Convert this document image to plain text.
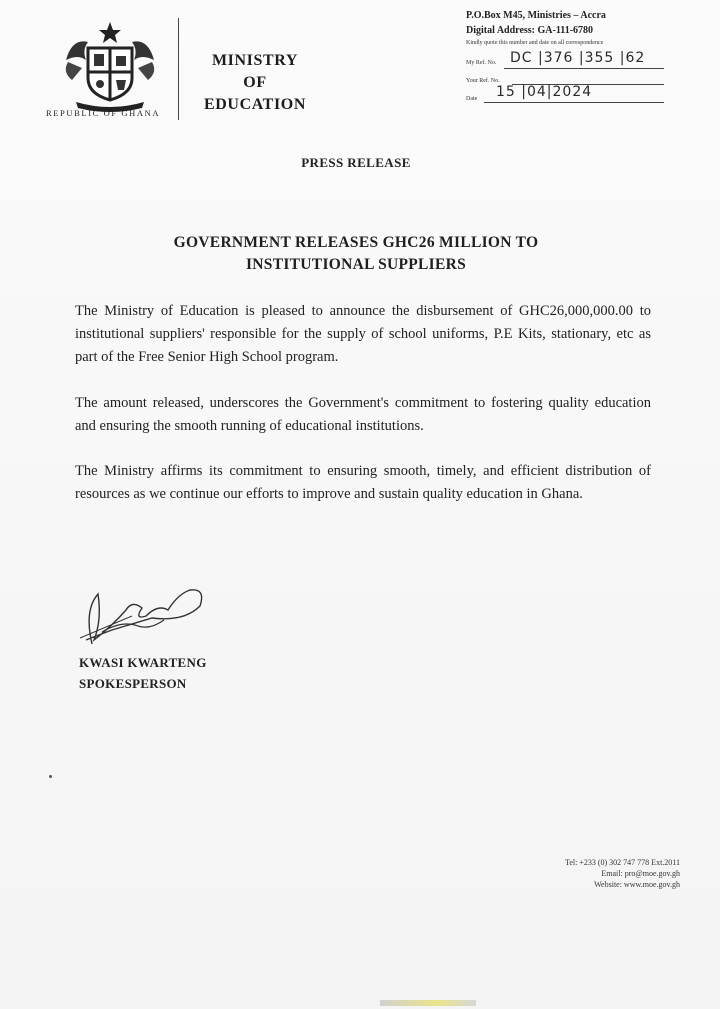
REPUBLIC OF GHANA
MINISTRY
OF
EDUCATION
P.O.Box M45, Ministries – Accra
Digital Address: GA-111-6780
Kindly quote this number and date on all correspondence
My Ref. No. DC |376 |355 |62
Your Ref. No.
Date 15 |04|2024
PRESS RELEASE
GOVERNMENT RELEASES GHC26 MILLION TO
INSTITUTIONAL SUPPLIERS
The Ministry of Education is pleased to announce the disbursement of GHC26,000,000.00 to institutional suppliers' responsible for the supply of school uniforms, P.E Kits, stationary, etc as part of the Free Senior High School program.
The amount released, underscores the Government's commitment to fostering quality education and ensuring the smooth running of educational institutions.
The Ministry affirms its commitment to ensuring smooth, timely, and efficient distribution of resources as we continue our efforts to improve and sustain quality education in Ghana.
KWASI KWARTENG
SPOKESPERSON
Tel: +233 (0) 302 747 778 Ext.2011
Email: pro@moe.gov.gh
Website: www.moe.gov.gh
